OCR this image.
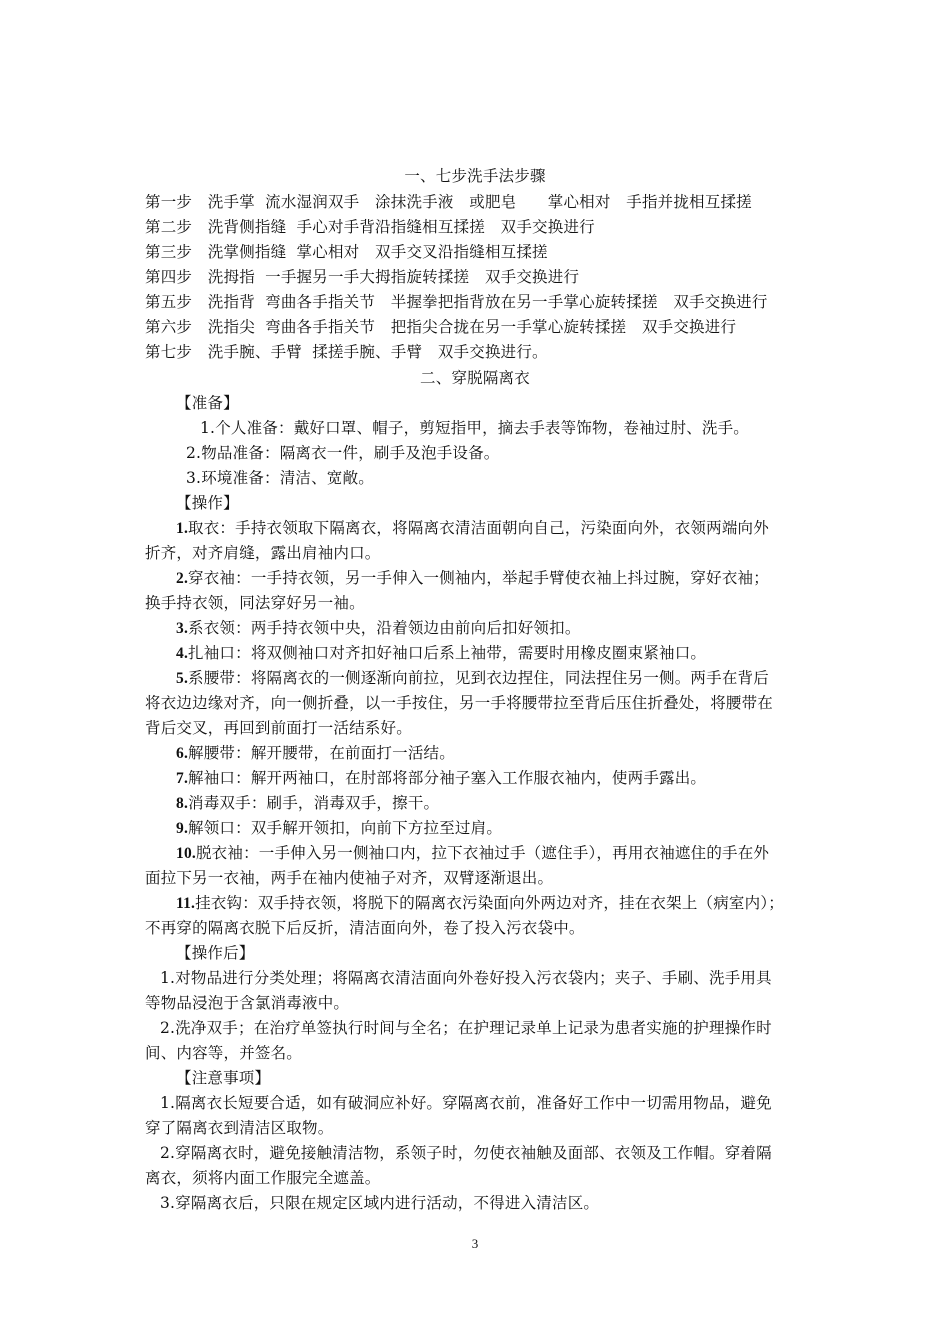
一、七步洗手法步骤
第一步　洗手掌  流水湿润双手　涂抹洗手液　或肥皂　　掌心相对　手指并拢相互揉搓
第二步　洗背侧指缝  手心对手背沿指缝相互揉搓　双手交换进行
第三步　洗掌侧指缝  掌心相对　双手交叉沿指缝相互揉搓
第四步　洗拇指  一手握另一手大拇指旋转揉搓　双手交换进行
第五步　洗指背  弯曲各手指关节　半握拳把指背放在另一手掌心旋转揉搓　双手交换进行
第六步　洗指尖  弯曲各手指关节　把指尖合拢在另一手掌心旋转揉搓　双手交换进行
第七步　洗手腕、手臂  揉搓手腕、手臂　双手交换进行。
二、穿脱隔离衣
【准备】
1.个人准备：戴好口罩、帽子，剪短指甲，摘去手表等饰物，卷袖过肘、洗手。
2.物品准备：隔离衣一件，刷手及泡手设备。
3.环境准备：清洁、宽敞。
【操作】
1.取衣：手持衣领取下隔离衣，将隔离衣清洁面朝向自己，污染面向外，衣领两端向外
折齐，对齐肩缝，露出肩袖内口。
2.穿衣袖：一手持衣领，另一手伸入一侧袖内，举起手臂使衣袖上抖过腕，穿好衣袖；
换手持衣领，同法穿好另一袖。
3.系衣领：两手持衣领中央，沿着领边由前向后扣好领扣。
4.扎袖口：将双侧袖口对齐扣好袖口后系上袖带，需要时用橡皮圈束紧袖口。
5.系腰带：将隔离衣的一侧逐渐向前拉，见到衣边捏住，同法捏住另一侧。两手在背后
将衣边边缘对齐，向一侧折叠，以一手按住，另一手将腰带拉至背后压住折叠处，将腰带在
背后交叉，再回到前面打一活结系好。
6.解腰带：解开腰带，在前面打一活结。
7.解袖口：解开两袖口，在肘部将部分袖子塞入工作服衣袖内，使两手露出。
8.消毒双手：刷手，消毒双手，擦干。
9.解领口：双手解开领扣，向前下方拉至过肩。
10.脱衣袖：一手伸入另一侧袖口内，拉下衣袖过手（遮住手），再用衣袖遮住的手在外
面拉下另一衣袖，两手在袖内使袖子对齐，双臂逐渐退出。
11.挂衣钩：双手持衣领，将脱下的隔离衣污染面向外两边对齐，挂在衣架上（病室内）；
不再穿的隔离衣脱下后反折，清洁面向外，卷了投入污衣袋中。
【操作后】
1.对物品进行分类处理；将隔离衣清洁面向外卷好投入污衣袋内；夹子、手刷、洗手用具
等物品浸泡于含氯消毒液中。
2.洗净双手；在治疗单签执行时间与全名；在护理记录单上记录为患者实施的护理操作时
间、内容等，并签名。
【注意事项】
1.隔离衣长短要合适，如有破洞应补好。穿隔离衣前，准备好工作中一切需用物品，避免
穿了隔离衣到清洁区取物。
2.穿隔离衣时，避免接触清洁物，系领子时，勿使衣袖触及面部、衣领及工作帽。穿着隔
离衣，须将内面工作服完全遮盖。
3.穿隔离衣后，只限在规定区域内进行活动，不得进入清洁区。
3
